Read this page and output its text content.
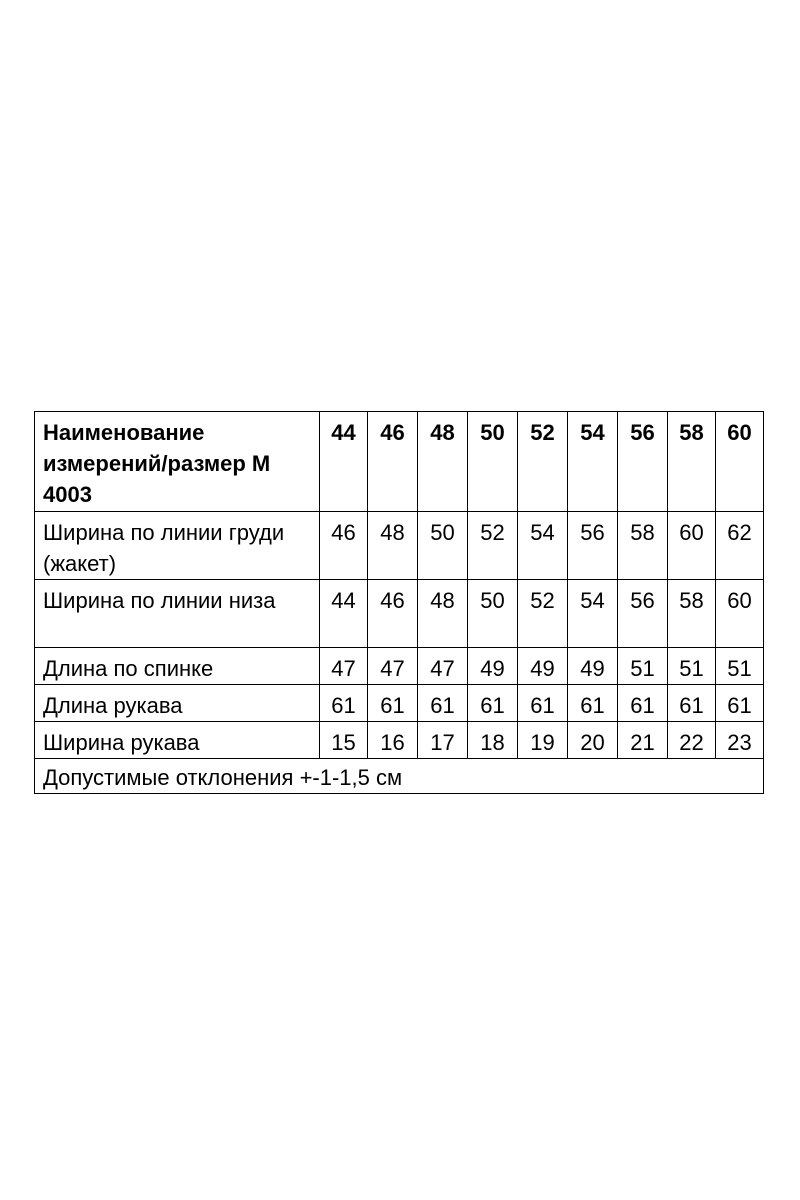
Наименование измерений/размер М 4003	44	46	48	50	52	54	56	58	60
Ширина по линии груди (жакет)	46	48	50	52	54	56	58	60	62
Ширина по линии низа	44	46	48	50	52	54	56	58	60
Длина по спинке	47	47	47	49	49	49	51	51	51
Длина рукава	61	61	61	61	61	61	61	61	61
Ширина рукава	15	16	17	18	19	20	21	22	23
Допустимые отклонения +-1-1,5 см									
